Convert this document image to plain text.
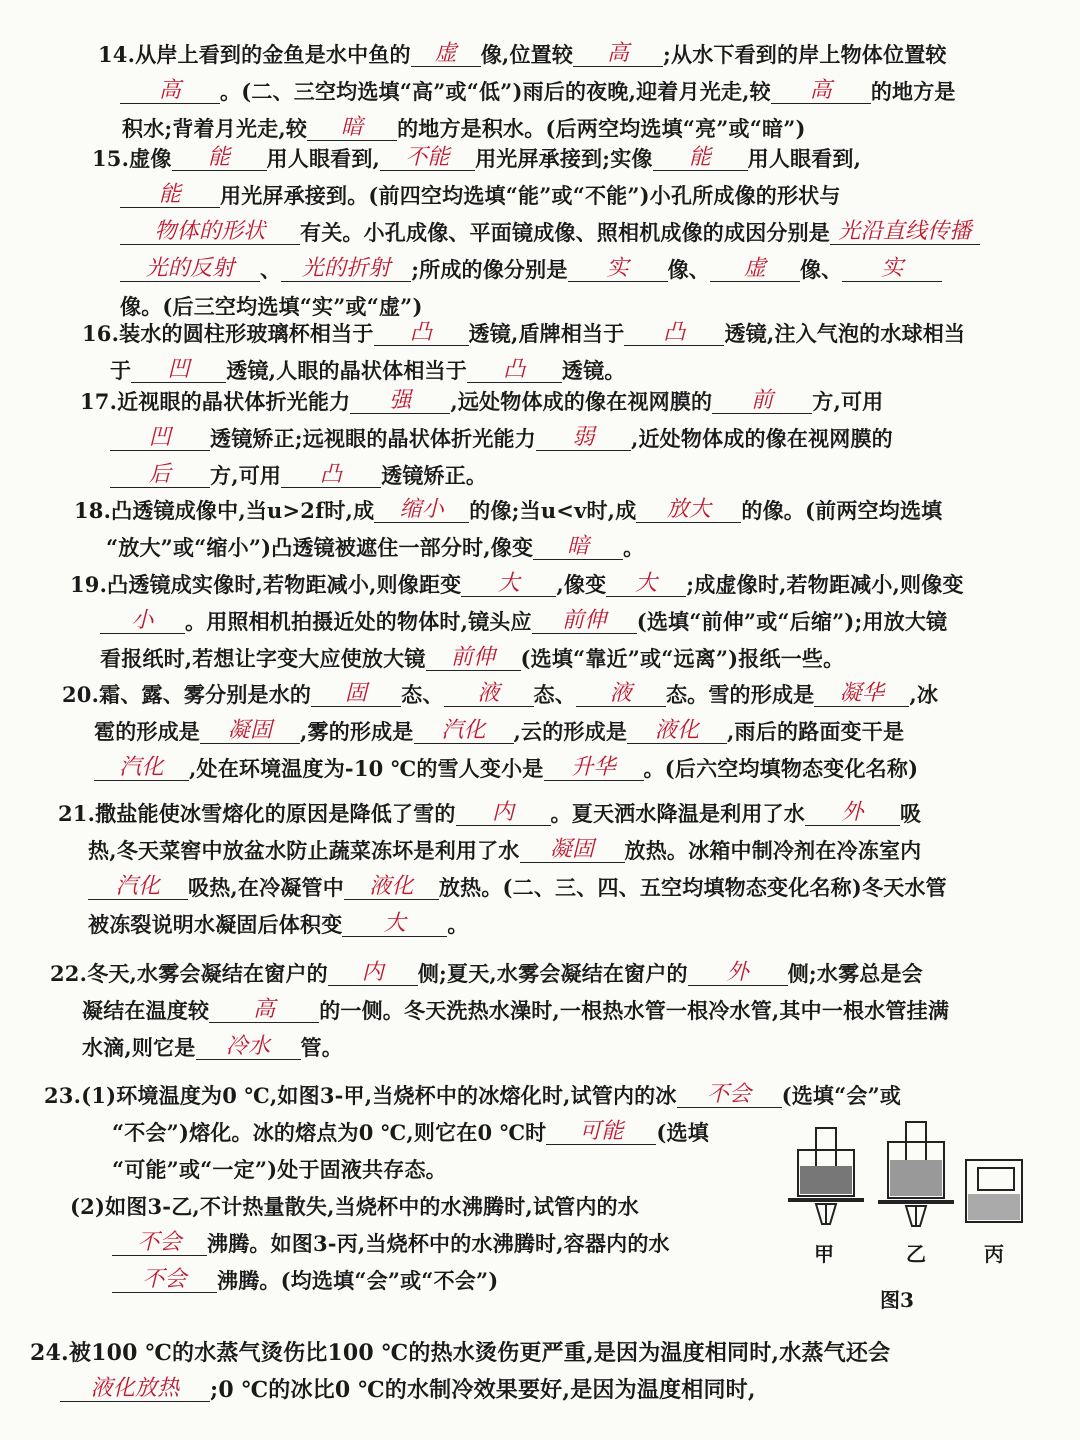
14.从岸上看到的金鱼是水中鱼的 虚 像,位置较 高 ;从水下看到的岸上物体位置较
高 。(二、三空均选填“高”或“低”)雨后的夜晚,迎着月光走,较 高 的地方是
积水;背着月光走,较 暗 的地方是积水。(后两空均选填“亮”或“暗”)
15.虚像 能 用人眼看到, 不能 用光屏承接到;实像 能 用人眼看到,
能 用光屏承接到。(前四空均选填“能”或“不能”)小孔所成像的形状与
物体的形状 有关。小孔成像、平面镜成像、照相机成像的成因分别是 光沿直线传播
光的反射 、 光的折射 ;所成的像分别是 实 像、 虚 像、 实
像。(后三空均选填“实”或“虚”)
16.装水的圆柱形玻璃杯相当于 凸 透镜,盾牌相当于 凸 透镜,注入气泡的水球相当
于 凹 透镜,人眼的晶状体相当于 凸 透镜。
17.近视眼的晶状体折光能力 强 ,远处物体成的像在视网膜的 前 方,可用
凹 透镜矫正;远视眼的晶状体折光能力 弱 ,近处物体成的像在视网膜的
后 方,可用 凸 透镜矫正。
18.凸透镜成像中,当u>2f时,成 缩小 的像;当u<v时,成 放大 的像。(前两空均选填
“放大”或“缩小”)凸透镜被遮住一部分时,像变 暗 。
19.凸透镜成实像时,若物距减小,则像距变 大 ,像变 大 ;成虚像时,若物距减小,则像变
小 。用照相机拍摄近处的物体时,镜头应 前伸 (选填“前伸”或“后缩”);用放大镜
看报纸时,若想让字变大应使放大镜 前伸 (选填“靠近”或“远离”)报纸一些。
20.霜、露、雾分别是水的 固 态、 液 态、 液 态。雪的形成是 凝华 ,冰
雹的形成是 凝固 ,雾的形成是 汽化 ,云的形成是 液化 ,雨后的路面变干是
汽化 ,处在环境温度为-10 ℃的雪人变小是 升华 。(后六空均填物态变化名称)
21.撒盐能使冰雪熔化的原因是降低了雪的 内 。夏天洒水降温是利用了水 外 吸
热,冬天菜窖中放盆水防止蔬菜冻坏是利用了水 凝固 放热。冰箱中制冷剂在冷冻室内
汽化 吸热,在冷凝管中 液化 放热。(二、三、四、五空均填物态变化名称)冬天水管
被冻裂说明水凝固后体积变 大 。
22.冬天,水雾会凝结在窗户的 内 侧;夏天,水雾会凝结在窗户的 外 侧;水雾总是会
凝结在温度较 高 的一侧。冬天洗热水澡时,一根热水管一根冷水管,其中一根水管挂满
水滴,则它是 冷水 管。
23.(1)环境温度为0 ℃,如图3-甲,当烧杯中的冰熔化时,试管内的冰 不会 (选填“会”或
“不会”)熔化。冰的熔点为0 ℃,则它在0 ℃时 可能 (选填
“可能”或“一定”)处于固液共存态。
(2)如图3-乙,不计热量散失,当烧杯中的水沸腾时,试管内的水
不会 沸腾。如图3-丙,当烧杯中的水沸腾时,容器内的水
不会 沸腾。(均选填“会”或“不会”)
甲	乙	丙
图3
24.被100 ℃的水蒸气烫伤比100 ℃的热水烫伤更严重,是因为温度相同时,水蒸气还会
液化放热 ;0 ℃的冰比0 ℃的水制冷效果要好,是因为温度相同时,
